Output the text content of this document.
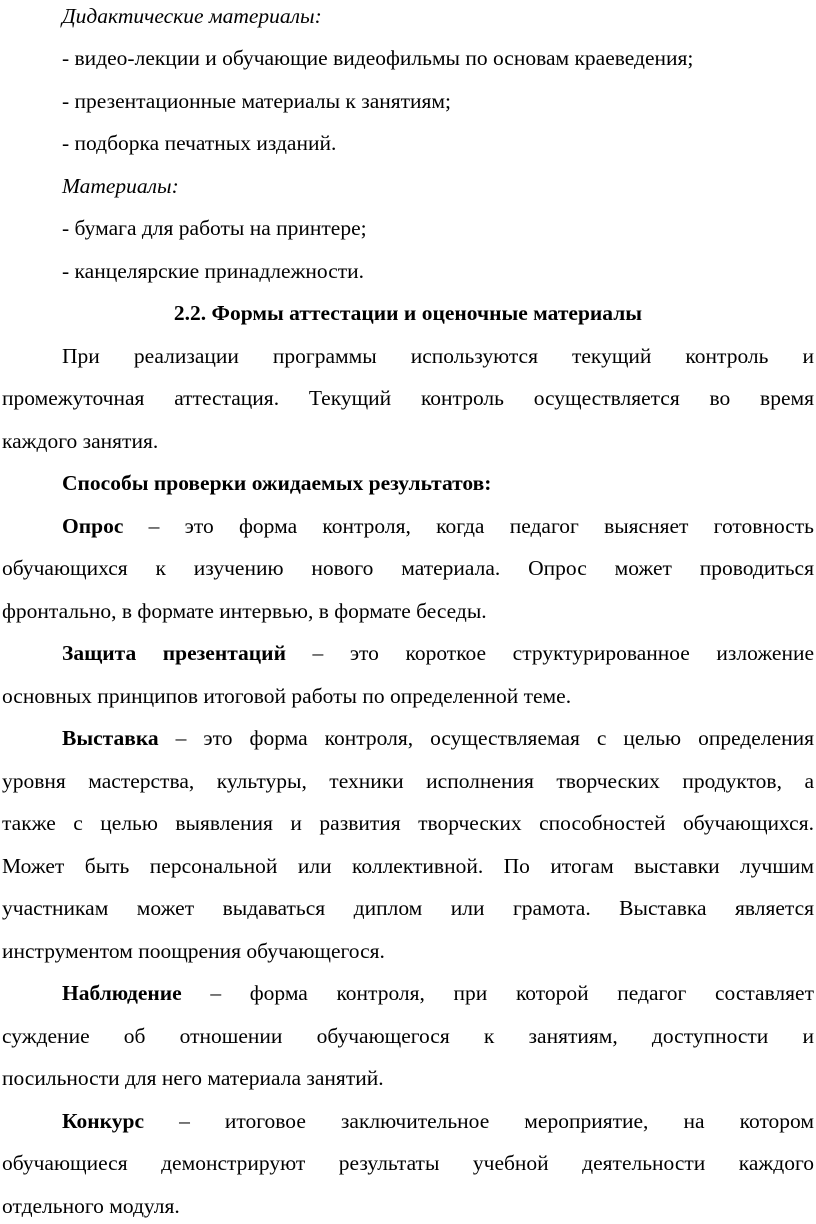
Дидактические материалы:
- видео-лекции и обучающие видеофильмы по основам краеведения;
- презентационные материалы к занятиям;
- подборка печатных изданий.
Материалы:
- бумага для работы на принтере;
- канцелярские принадлежности.
2.2. Формы аттестации и оценочные материалы
При реализации программы используются текущий контроль и
промежуточная аттестация. Текущий контроль осуществляется во время
каждого занятия.
Способы проверки ожидаемых результатов:
Опрос – это форма контроля, когда педагог выясняет готовность
обучающихся к изучению нового материала. Опрос может проводиться
фронтально, в формате интервью, в формате беседы.
Защита презентаций – это короткое структурированное изложение
основных принципов итоговой работы по определенной теме.
Выставка – это форма контроля, осуществляемая с целью определения
уровня мастерства, культуры, техники исполнения творческих продуктов, а
также с целью выявления и развития творческих способностей обучающихся.
Может быть персональной или коллективной. По итогам выставки лучшим
участникам может выдаваться диплом или грамота. Выставка является
инструментом поощрения обучающегося.
Наблюдение – форма контроля, при которой педагог составляет
суждение об отношении обучающегося к занятиям, доступности и
посильности для него материала занятий.
Конкурс – итоговое заключительное мероприятие, на котором
обучающиеся демонстрируют результаты учебной деятельности каждого
отдельного модуля.
